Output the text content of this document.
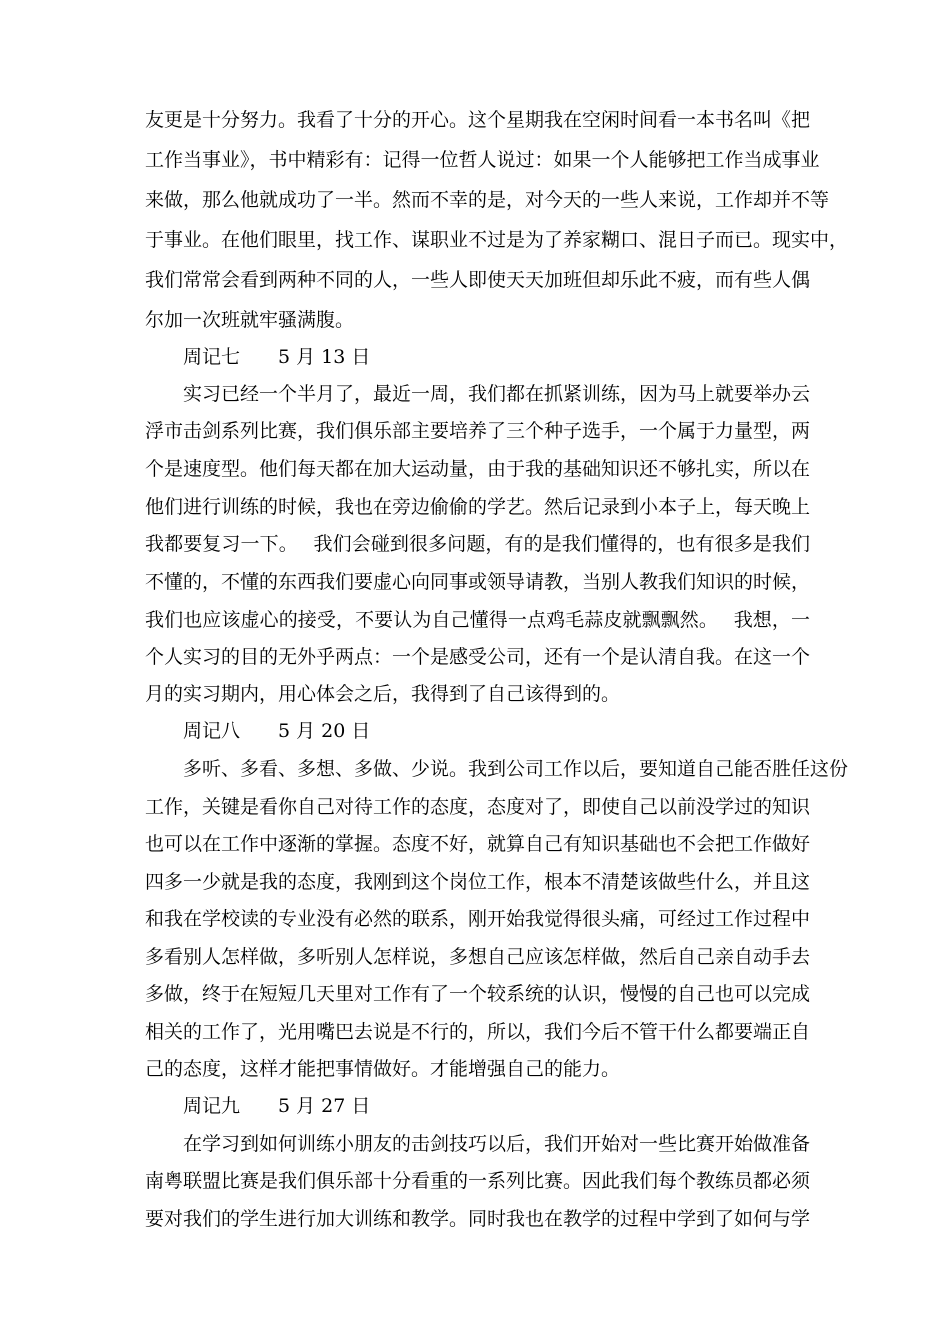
友更是十分努力。我看了十分的开心。这个星期我在空闲时间看一本书名叫《把
工作当事业》，书中精彩有：记得一位哲人说过：如果一个人能够把工作当成事业
来做，那么他就成功了一半。然而不幸的是，对今天的一些人来说，工作却并不等
于事业。在他们眼里，找工作、谋职业不过是为了养家糊口、混日子而已。现实中，
我们常常会看到两种不同的人，一些人即使天天加班但却乐此不疲，而有些人偶
尔加一次班就牢骚满腹。
周记七　　5 月 13 日
实习已经一个半月了，最近一周，我们都在抓紧训练，因为马上就要举办云
浮市击剑系列比赛，我们俱乐部主要培养了三个种子选手，一个属于力量型，两
个是速度型。他们每天都在加大运动量，由于我的基础知识还不够扎实，所以在
他们进行训练的时候，我也在旁边偷偷的学艺。然后记录到小本子上，每天晚上
我都要复习一下。　 我们会碰到很多问题，有的是我们懂得的，也有很多是我们
不懂的，不懂的东西我们要虚心向同事或领导请教，当别人教我们知识的时候，
我们也应该虚心的接受，不要认为自己懂得一点鸡毛蒜皮就飘飘然。　 我想，一
个人实习的目的无外乎两点：一个是感受公司，还有一个是认清自我。在这一个
月的实习期内，用心体会之后，我得到了自己该得到的。
周记八　　5 月 20 日
多听、多看、多想、多做、少说。我到公司工作以后，要知道自己能否胜任这份
工作，关键是看你自己对待工作的态度，态度对了，即使自己以前没学过的知识
也可以在工作中逐渐的掌握。态度不好，就算自己有知识基础也不会把工作做好
四多一少就是我的态度，我刚到这个岗位工作，根本不清楚该做些什么，并且这
和我在学校读的专业没有必然的联系，刚开始我觉得很头痛，可经过工作过程中
多看别人怎样做，多听别人怎样说，多想自己应该怎样做，然后自己亲自动手去
多做，终于在短短几天里对工作有了一个较系统的认识，慢慢的自己也可以完成
相关的工作了，光用嘴巴去说是不行的，所以，我们今后不管干什么都要端正自
己的态度，这样才能把事情做好。才能增强自己的能力。
周记九　　5 月 27 日
在学习到如何训练小朋友的击剑技巧以后，我们开始对一些比赛开始做准备
南粤联盟比赛是我们俱乐部十分看重的一系列比赛。因此我们每个教练员都必须
要对我们的学生进行加大训练和教学。同时我也在教学的过程中学到了如何与学
